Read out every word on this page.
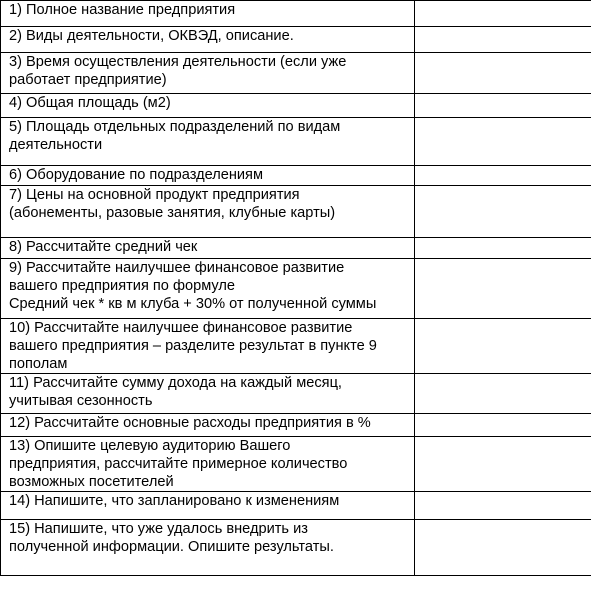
1) Полное название предприятия	
2) Виды деятельности, ОКВЭД, описание.	
3) Время осуществления деятельности (если уже
работает предприятие)	
4) Общая площадь (м2)	
5) Площадь отдельных подразделений по видам
деятельности	
6) Оборудование по подразделениям	
7) Цены на основной продукт предприятия
(абонементы, разовые занятия, клубные карты)	
8) Рассчитайте средний чек	
9) Рассчитайте наилучшее финансовое развитие
вашего предприятия по формуле
Средний чек * кв м клуба + 30% от полученной суммы	
10) Рассчитайте наилучшее финансовое развитие
вашего предприятия – разделите результат в пункте 9
пополам	
11) Рассчитайте сумму дохода на каждый месяц,
учитывая сезонность	
12) Рассчитайте основные расходы предприятия в %	
13) Опишите целевую аудиторию Вашего
предприятия, рассчитайте примерное количество
возможных посетителей	
14) Напишите, что запланировано к изменениям	
15) Напишите, что уже удалось внедрить из
полученной информации. Опишите результаты.	
